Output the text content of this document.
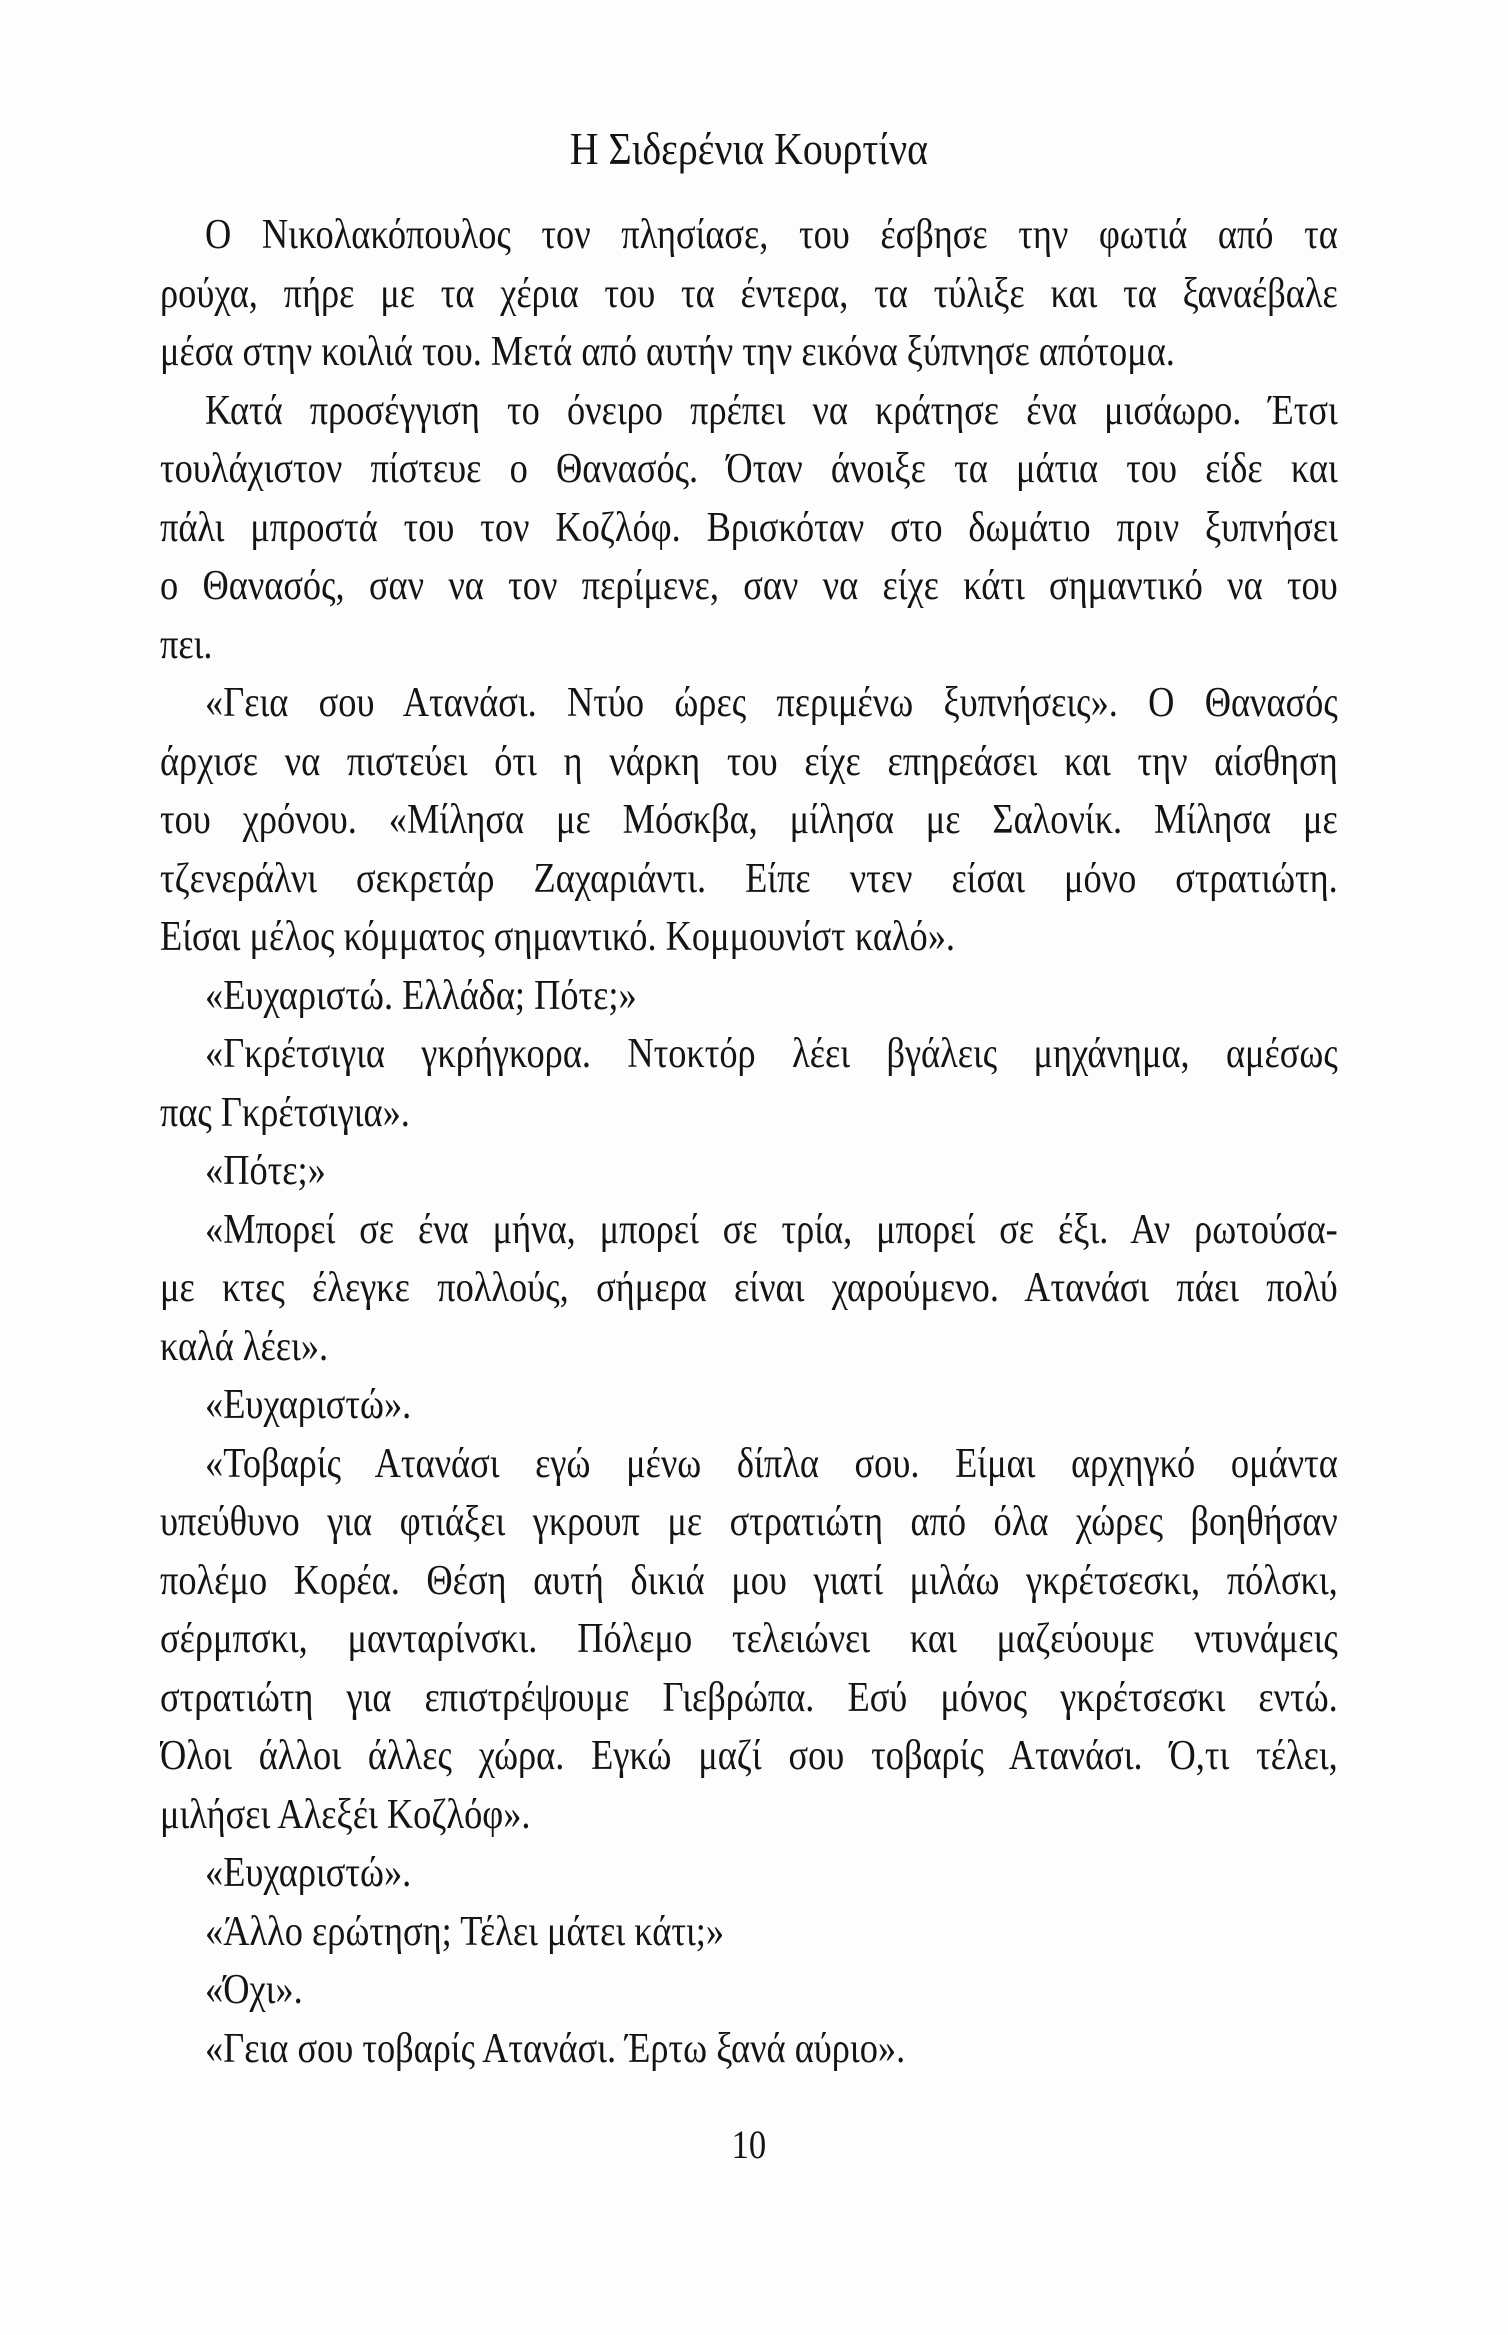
Η Σιδερένια Κουρτίνα
Ο Νικολακόπουλος τον πλησίασε, του έσβησε την φωτιά από τα
ρούχα, πήρε με τα χέρια του τα έντερα, τα τύλιξε και τα ξαναέβαλε
μέσα στην κοιλιά του. Μετά από αυτήν την εικόνα ξύπνησε απότομα.
Κατά προσέγγιση το όνειρο πρέπει να κράτησε ένα μισάωρο. Έτσι
τουλάχιστον πίστευε ο Θανασός. Όταν άνοιξε τα μάτια του είδε και
πάλι μπροστά του τον Κοζλόφ. Βρισκόταν στο δωμάτιο πριν ξυπνήσει
ο Θανασός, σαν να τον περίμενε, σαν να είχε κάτι σημαντικό να του
πει.
«Γεια σου Ατανάσι. Ντύο ώρες περιμένω ξυπνήσεις». Ο Θανασός
άρχισε να πιστεύει ότι η νάρκη του είχε επηρεάσει και την αίσθηση
του χρόνου. «Μίλησα με Μόσκβα, μίλησα με Σαλονίκ. Μίλησα με
τζενεράλνι σεκρετάρ Ζαχαριάντι. Είπε ντεν είσαι μόνο στρατιώτη.
Είσαι μέλος κόμματος σημαντικό. Κομμουνίστ καλό».
«Ευχαριστώ. Ελλάδα; Πότε;»
«Γκρέτσιγια γκρήγκορα. Ντοκτόρ λέει βγάλεις μηχάνημα, αμέσως
πας Γκρέτσιγια».
«Πότε;»
«Μπορεί σε ένα μήνα, μπορεί σε τρία, μπορεί σε έξι. Αν ρωτούσα-
με κτες έλεγκε πολλούς, σήμερα είναι χαρούμενο. Ατανάσι πάει πολύ
καλά λέει».
«Ευχαριστώ».
«Τοβαρίς Ατανάσι εγώ μένω δίπλα σου. Είμαι αρχηγκό ομάντα
υπεύθυνο για φτιάξει γκρουπ με στρατιώτη από όλα χώρες βοηθήσαν
πολέμο Κορέα. Θέση αυτή δικιά μου γιατί μιλάω γκρέτσεσκι, πόλσκι,
σέρμπσκι, μανταρίνσκι. Πόλεμο τελειώνει και μαζεύουμε ντυνάμεις
στρατιώτη για επιστρέψουμε Γιεβρώπα. Εσύ μόνος γκρέτσεσκι εντώ.
Όλοι άλλοι άλλες χώρα. Εγκώ μαζί σου τοβαρίς Ατανάσι. Ό,τι τέλει,
μιλήσει Αλεξέι Κοζλόφ».
«Ευχαριστώ».
«Άλλο ερώτηση; Τέλει μάτει κάτι;»
«Όχι».
«Γεια σου τοβαρίς Ατανάσι. Έρτω ξανά αύριο».
10
